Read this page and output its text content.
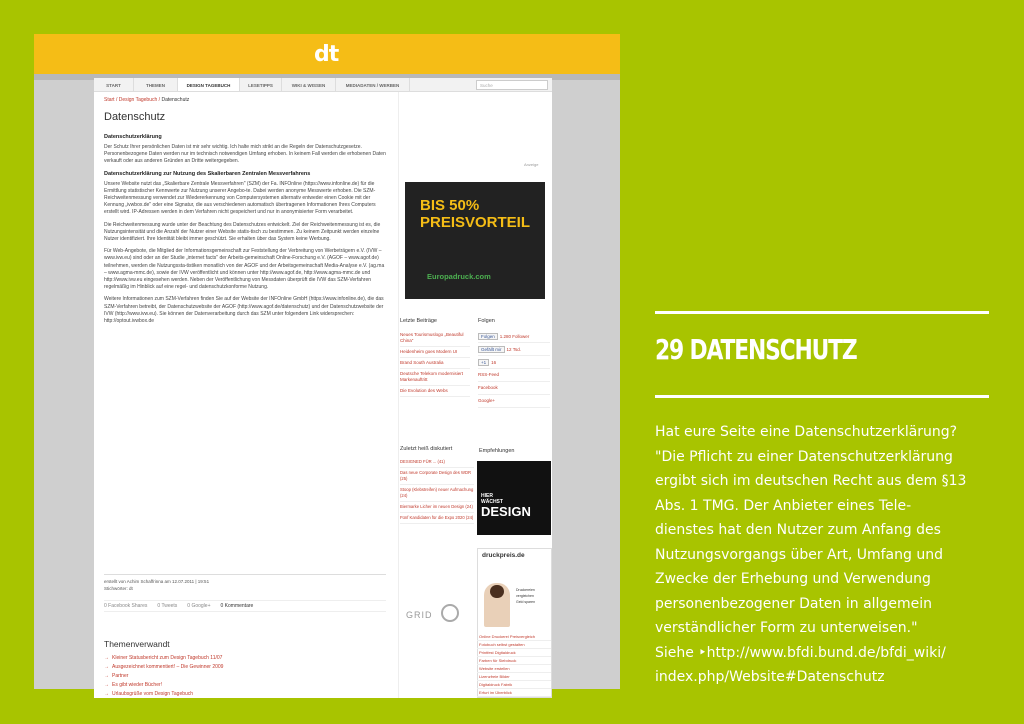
dt
START	THEMEN	DESIGN TAGEBUCH	LESETIPPS	WIKI & WISSEN	MEDIADATEN / WERBEN	Suche
Start / Design Tagebuch / Datenschutz
Datenschutz
Datenschutzerklärung

Der Schutz Ihrer persönlichen Daten ist mir sehr wichtig. Ich halte mich strikt an die Regeln der Datenschutzgesetze. Personenbezogene Daten werden nur im technisch notwendigen Umfang erhoben. In keinem Fall werden die erhobenen Daten verkauft oder aus anderen Gründen an Dritte weitergegeben.

Datenschutzerklärung zur Nutzung des Skalierbaren Zentralen Messverfahrens

Unsere Website nutzt das „Skalierbare Zentrale Messverfahren" (SZM) der Fa. INFOnline (https://www.infonline.de) für die Ermittlung statistischer Kennwerte zur Nutzung unserer Angebo-te. Dabei werden anonyme Messwerte erhoben. Die SZM- Reichweitenmessung verwendet zur Wiedererkennung von Computersystemen alternativ entweder einen Cookie mit der Kennung „ivwbox.de" oder eine Signatur, die aus verschiedenen automatisch übertragenen Informationen Ihres Computers erstellt wird. IP-Adressen werden in dem Verfahren nicht gespeichert und nur in anonymisierter Form verarbeitet.

Die Reichweitenmessung wurde unter der Beachtung des Datenschutzes entwickelt. Ziel der Reichweitenmessung ist es, die Nutzungsintensität und die Anzahl der Nutzer einer Website statis-tisch zu bestimmen. Zu keinem Zeitpunkt werden einzelne Nutzer identifiziert. Ihre Identität bleibt immer geschützt. Sie erhalten über das System keine Werbung.

Für Web-Angebote, die Mitglied der Informationsgemeinschaft zur Feststellung der Verbreitung von Werbeträgern e.V. (IVW – www.ivw.eu) sind oder an der Studie „internet facts" der Arbeits-gemeinschaft Online-Forschung e.V. (AGOF – www.agof.de) teilnehmen, werden die Nutzungssta-tistiken monatlich von der AGOF und der Arbeitsgemeinschaft Media-Analyse e.V. (ag.ma – www.agma-mmc.de), sowie der IVW veröffentlicht und können unter http://www.agof.de, http://www.agma-mmc.de und http://www.ivw.eu eingesehen werden. Neben der Veröffentlichung von Messdaten überprüft die IVW das SZM-Verfahren regelmäßig im Hinblick auf eine regel- und datenschutzkonforme Nutzung.

Weitere Informationen zum SZM-Verfahren finden Sie auf der Website der INFOnline GmbH (https://www.infonline.de), die das SZM-Verfahren betreibt, der Datenschutzwebsite der AGOF (http://www.agof.de/datenschutz) und der Datenschutzwebsite der IVW (http://www.ivw.eu). Sie können der Datenverarbeitung durch das SZM unter folgendem Link widersprechen: http://optout.ivwbox.de

erstellt von Achim Schaffrinna am 12.07.2011 | 19:51
Stichwörter: dt
0 Facebook Shares 0 Tweets 0 Google+ 0 Kommentare
Themenverwandt
→ Kleiner Statusbericht zum Design Tagebuch 11/07
→ Ausgezeichnet kommentiert! – Die Gewinner 2009
→ Partner
→ Es gibt wieder Bücher!
→ Urlaubsgrüße vom Design Tagebuch
Anzeige
BIS 50%
PREISVORTEIL
Europadruck.com
Letzte Beiträge
Neues Tourismuslogo „Beautiful China"
Heidenheim goes Modern UI
Brand South Australia
Deutsche Telekom modernisiert Markenauftritt
Die Evolution des Webs
Folgen
Folgen 1.280 Follower
Gefällt mir 12 Tsd.
+1 16
RSS-Feed
Facebook
Google+
Zuletzt heiß diskutiert
DESIGNED FÜR ... (41)
Das neue Corporate Design des WDR (25)
Stoop (Klebstreifen) neuer Aufmachung (24)
Biermarke Licher im neuen Design (24)
Fünf Kandidaten für die Expo 2020 (24)
GRID
Empfehlungen
HIER
WÄCHST
DESIGN
druckpreis.de
Druckereien vergleichen
Geld sparen
Online Druckerei Preisvergleich
Fotobuch selbst gestalten
Printfest Digitaldruck
Farben für Siebdruck
Website erstellen
Lizenzfreie Bilder
Digitaldruck Fabrik
Erfurt im Überblick
29 DATENSCHUTZ
Hat eure Seite eine Datenschutzerklärung?
"Die Pflicht zu einer Datenschutzerklärung
ergibt sich im deutschen Recht aus dem §13
Abs. 1 TMG. Der Anbieter eines Tele-
dienstes hat den Nutzer zum Anfang des
Nutzungsvorgangs über Art, Umfang und
Zwecke der Erhebung und Verwendung
personenbezogener Daten in allgemein
verständlicher Form zu unterweisen."
Siehe ‣http://www.bfdi.bund.de/bfdi_wiki/
index.php/Website#Datenschutz
